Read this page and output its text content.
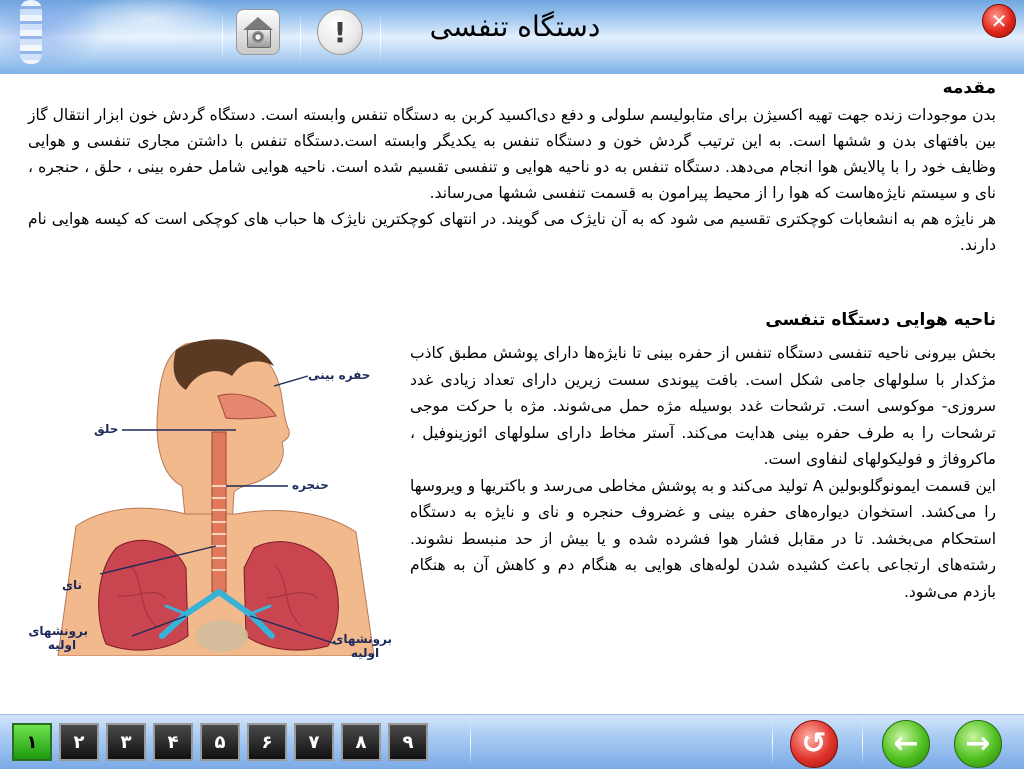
!	دستگاه تنفسی	✕
مقدمه

بدن موجودات زنده جهت تهیه اکسیژن برای متابولیسم سلولی و دفع دی‌اکسید کربن به دستگاه تنفس وابسته است. دستگاه گردش خون ابزار انتقال گاز بین بافتهای بدن و ششها است. به این ترتیب گردش خون و دستگاه تنفس به یکدیگر وابسته است.دستگاه تنفس با داشتن مجاری تنفسی و هوایی وظایف خود را با پالایش هوا انجام می‌دهد. دستگاه تنفس به دو ناحیه هوایی و تنفسی تقسیم شده است. ناحیه هوایی شامل حفره بینی ، حلق ، حنجره ، نای و سیستم نایژه‌هاست که هوا را از محیط پیرامون به قسمت تنفسی ششها می‌رساند.

هر نایژه هم به انشعابات کوچکتری تقسیم می شود که به آن نایژک می گویند. در انتهای کوچکترین نایژک ها حباب های کوچکی است که کیسه هوایی نام دارند.

ناحیه هوایی دستگاه تنفسی
حفره بینی
حلق
حنجره
نای
برونشهای اولیه	برونشهای اولیه

بخش بیرونی ناحیه تنفسی دستگاه تنفس از حفره بینی تا نایژه‌ها دارای پوشش مطبق کاذب مژکدار با سلولهای جامی شکل است. بافت پیوندی سست زیرین دارای تعداد زیادی غدد سروزی- موکوسی است. ترشحات غدد بوسیله مژه حمل می‌شوند. مژه با حرکت موجی ترشحات را به طرف حفره بینی هدایت می‌کند. آستر مخاط دارای سلولهای ائوزینوفیل ، ماکروفاژ و فولیکولهای لنفاوی است.

این قسمت ایمونوگلوبولین A تولید می‌کند و به پوشش مخاطی می‌رسد و باکتریها و ویروسها را می‌کشد. استخوان دیواره‌های حفره بینی و غضروف حنجره و نای و نایژه به دستگاه استحکام می‌بخشد. تا در مقابل فشار هوا فشرده شده و یا بیش از حد منبسط نشوند. رشته‌های ارتجاعی باعث کشیده شدن لوله‌های هوایی به هنگام دم و کاهش آن به هنگام بازدم می‌شود.

۱	۲	۳	۴	۵	۶	۷	۸	۹	↺ ← →
